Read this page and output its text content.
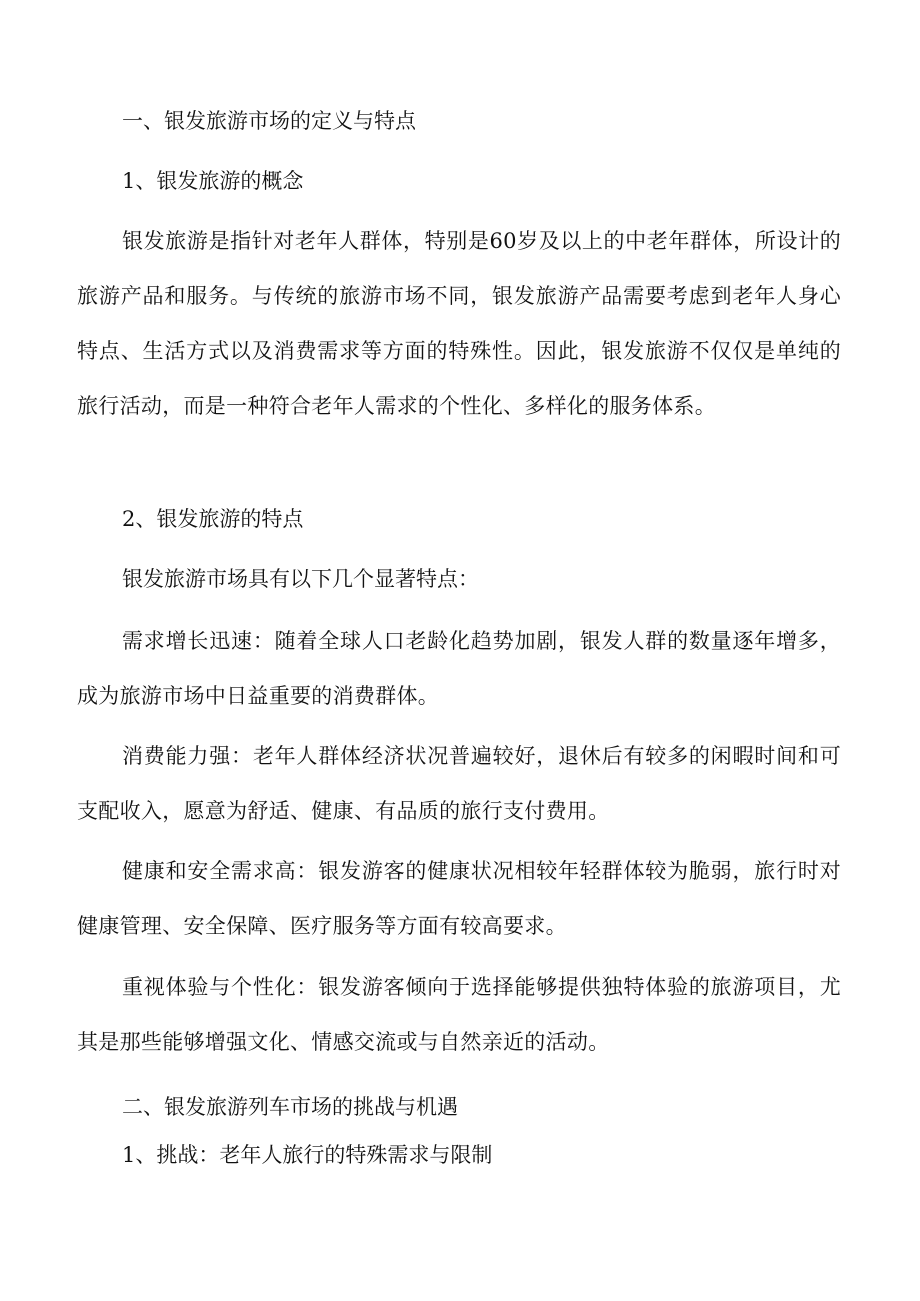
一、银发旅游市场的定义与特点
1、银发旅游的概念
银发旅游是指针对老年人群体，特别是60岁及以上的中老年群体，所设计的旅游产品和服务。与传统的旅游市场不同，银发旅游产品需要考虑到老年人身心特点、生活方式以及消费需求等方面的特殊性。因此，银发旅游不仅仅是单纯的旅行活动，而是一种符合老年人需求的个性化、多样化的服务体系。
2、银发旅游的特点
银发旅游市场具有以下几个显著特点：
需求增长迅速：随着全球人口老龄化趋势加剧，银发人群的数量逐年增多，成为旅游市场中日益重要的消费群体。
消费能力强：老年人群体经济状况普遍较好，退休后有较多的闲暇时间和可支配收入，愿意为舒适、健康、有品质的旅行支付费用。
健康和安全需求高：银发游客的健康状况相较年轻群体较为脆弱，旅行时对健康管理、安全保障、医疗服务等方面有较高要求。
重视体验与个性化：银发游客倾向于选择能够提供独特体验的旅游项目，尤其是那些能够增强文化、情感交流或与自然亲近的活动。
二、银发旅游列车市场的挑战与机遇
1、挑战：老年人旅行的特殊需求与限制
